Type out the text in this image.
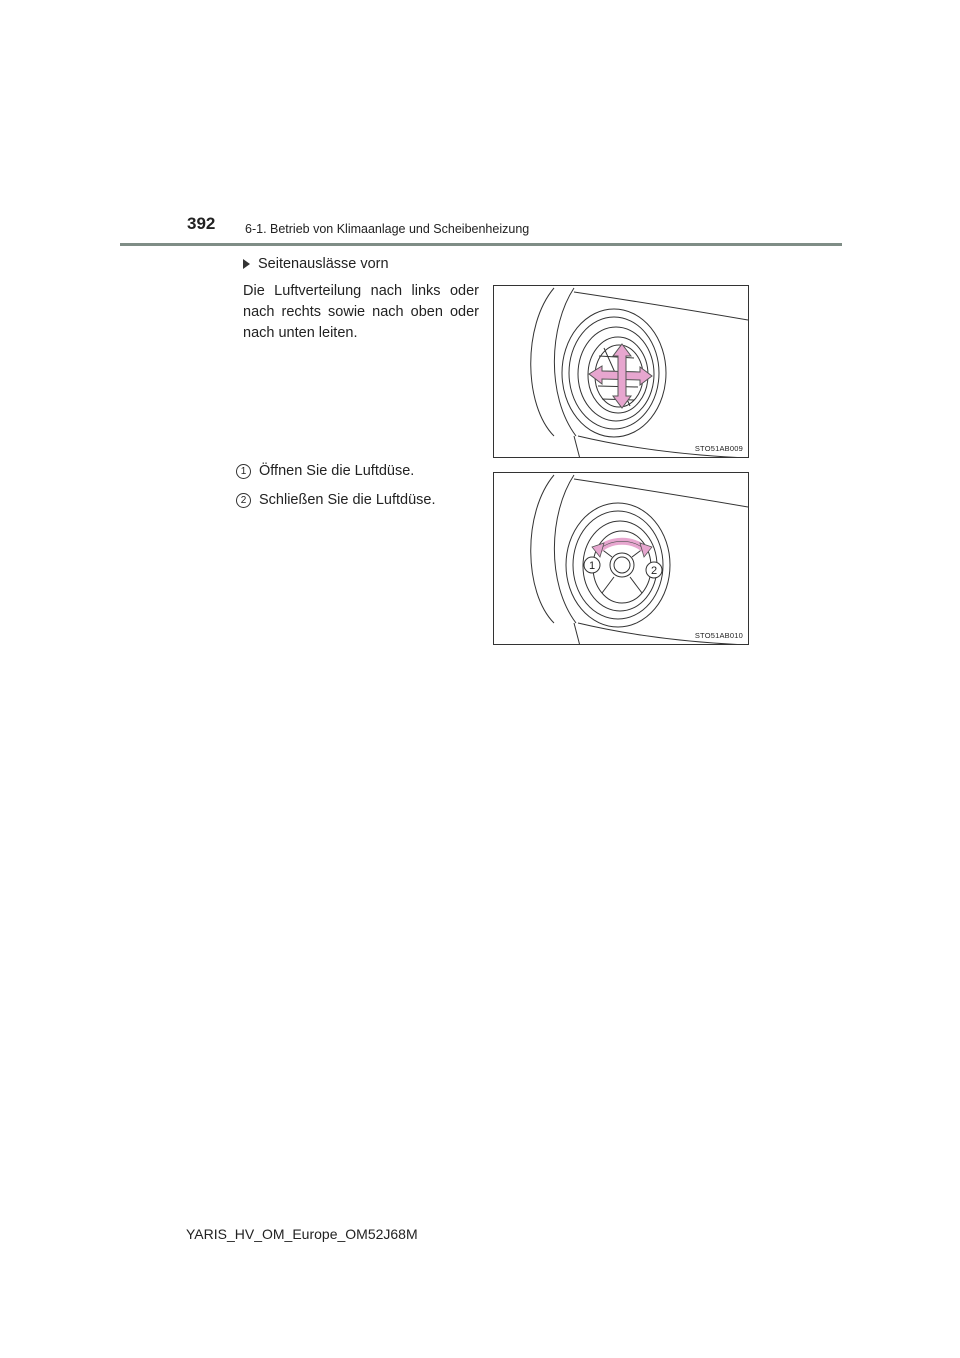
392 6-1. Betrieb von Klimaanlage und Scheibenheizung
Seitenauslässe vorn
Die Luftverteilung nach links oder nach rechts sowie nach oben oder nach unten leiten.
STO51AB009
1 Öffnen Sie die Luftdüse.
2 Schließen Sie die Luftdüse.
1	2
STO51AB010
YARIS_HV_OM_Europe_OM52J68M
